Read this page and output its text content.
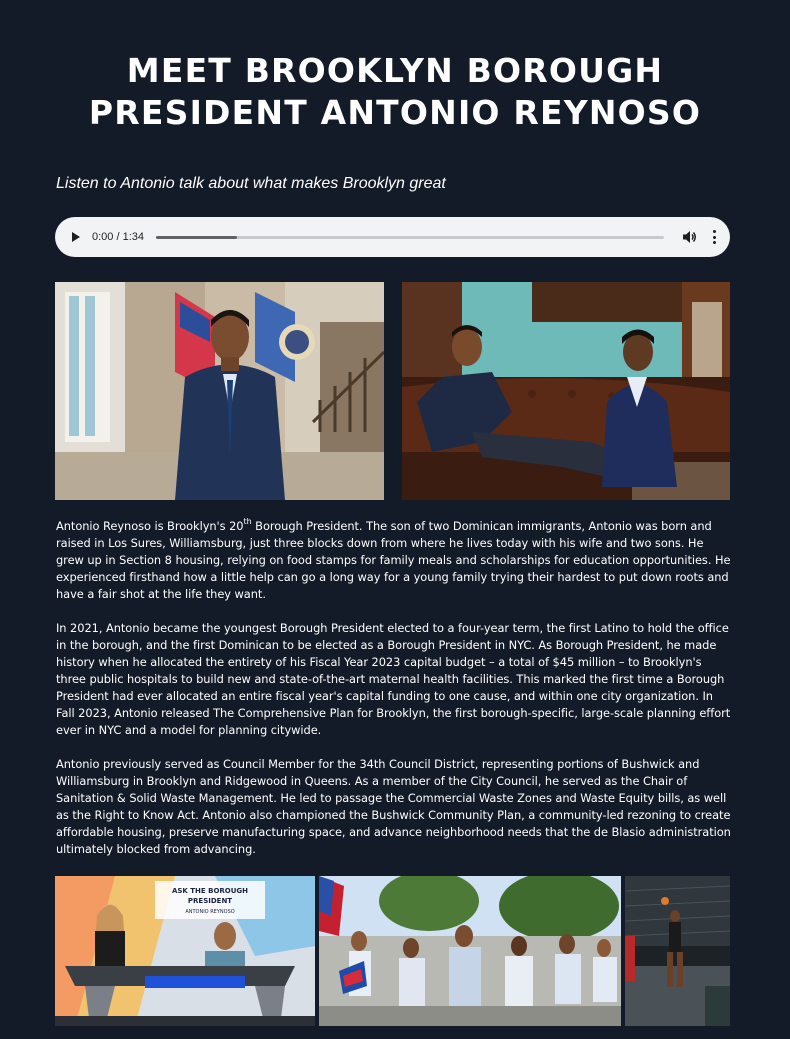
MEET BROOKLYN BOROUGH PRESIDENT ANTONIO REYNOSO
Listen to Antonio talk about what makes Brooklyn great
0:00 / 1:34

Antonio Reynoso is Brooklyn's 20th Borough President. The son of two Dominican immigrants, Antonio was born and raised in Los Sures, Williamsburg, just three blocks down from where he lives today with his wife and two sons. He grew up in Section 8 housing, relying on food stamps for family meals and scholarships for education opportunities. He experienced firsthand how a little help can go a long way for a young family trying their hardest to put down roots and have a fair shot at the life they want.

In 2021, Antonio became the youngest Borough President elected to a four-year term, the first Latino to hold the office in the borough, and the first Dominican to be elected as a Borough President in NYC. As Borough President, he made history when he allocated the entirety of his Fiscal Year 2023 capital budget – a total of $45 million – to Brooklyn's three public hospitals to build new and state-of-the-art maternal health facilities. This marked the first time a Borough President had ever allocated an entire fiscal year's capital funding to one cause, and within one city organization. In Fall 2023, Antonio released The Comprehensive Plan for Brooklyn, the first borough-specific, large-scale planning effort ever in NYC and a model for planning citywide.

Antonio previously served as Council Member for the 34th Council District, representing portions of Bushwick and Williamsburg in Brooklyn and Ridgewood in Queens. As a member of the City Council, he served as the Chair of Sanitation & Solid Waste Management. He led to passage the Commercial Waste Zones and Waste Equity bills, as well as the Right to Know Act. Antonio also championed the Bushwick Community Plan, a community-led rezoning to create affordable housing, preserve manufacturing space, and advance neighborhood needs that the de Blasio administration ultimately blocked from advancing.

ASK THE BOROUGH
PRESIDENT
ANTONIO REYNOSO
